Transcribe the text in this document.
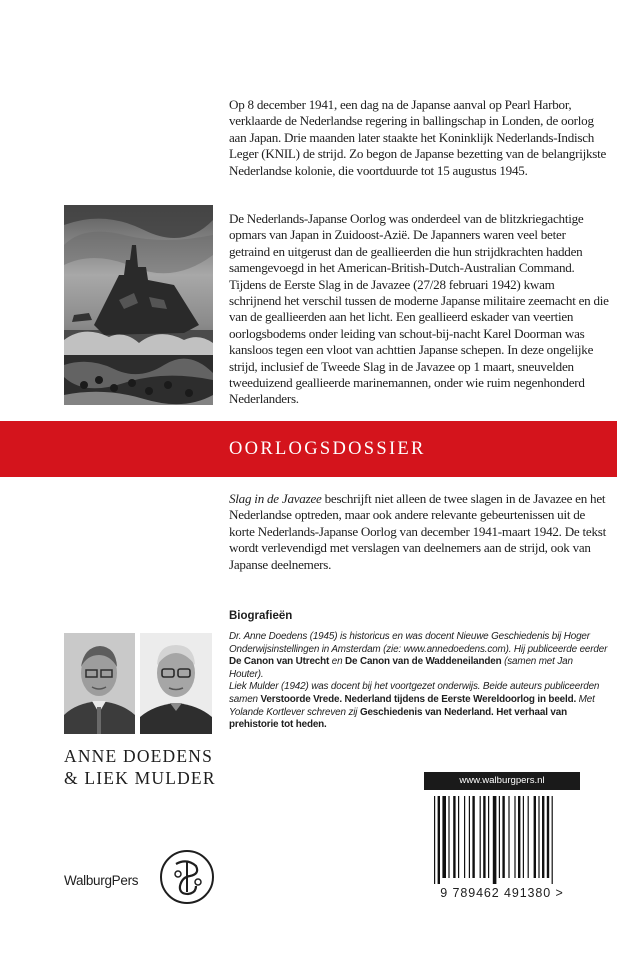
Op 8 december 1941, een dag na de Japanse aanval op Pearl Harbor, verklaarde de Nederlandse regering in ballingschap in Londen, de oorlog aan Japan. Drie maanden later staakte het Koninklijk Nederlands-Indisch Leger (KNIL) de strijd. Zo begon de Japanse bezetting van de belangrijkste Nederlandse kolonie, die voortduurde tot 15 augustus 1945.

De Nederlands-Japanse Oorlog was onderdeel van de blitzkriegachtige opmars van Japan in Zuidoost-Azië. De Japanners waren veel beter getraind en uitgerust dan de geallieerden die hun strijdkrachten hadden samengevoegd in het American-British-Dutch-Australian Command. Tijdens de Eerste Slag in de Javazee (27/28 februari 1942) kwam schrijnend het verschil tussen de moderne Japanse militaire zeemacht en die van de geallieerden aan het licht. Een geallieerd eskader van veertien oorlogsbodems onder leiding van schout-bij-nacht Karel Doorman was kansloos tegen een vloot van achttien Japanse schepen. In deze ongelijke strijd, inclusief de Tweede Slag in de Javazee op 1 maart, sneuvelden tweeduizend geallieerde marinemannen, onder wie ruim negenhonderd Nederlanders.

OORLOGSDOSSIER

Slag in de Javazee beschrijft niet alleen de twee slagen in de Javazee en het Nederlandse optreden, maar ook andere relevante gebeurtenissen uit de korte Nederlands-Japanse Oorlog van december 1941-maart 1942. De tekst wordt verlevendigd met verslagen van deelnemers aan de strijd, ook van Japanse deelnemers.

Biografieën

Dr. Anne Doedens (1945) is historicus en was docent Nieuwe Geschiedenis bij Hoger Onderwijsinstellingen in Amsterdam (zie: www.annedoedens.com). Hij publiceerde eerder De Canon van Utrecht en De Canon van de Waddeneilanden (samen met Jan Houter).
Liek Mulder (1942) was docent bij het voortgezet onderwijs. Beide auteurs publiceerden samen Verstoorde Vrede. Nederland tijdens de Eerste Wereldoorlog in beeld. Met Yolande Kortlever schreven zij Geschiedenis van Nederland. Het verhaal van prehistorie tot heden.

ANNE DOEDENS
& LIEK MULDER
WalburgPers
www.walburgpers.nl
9 789462 491380 >
